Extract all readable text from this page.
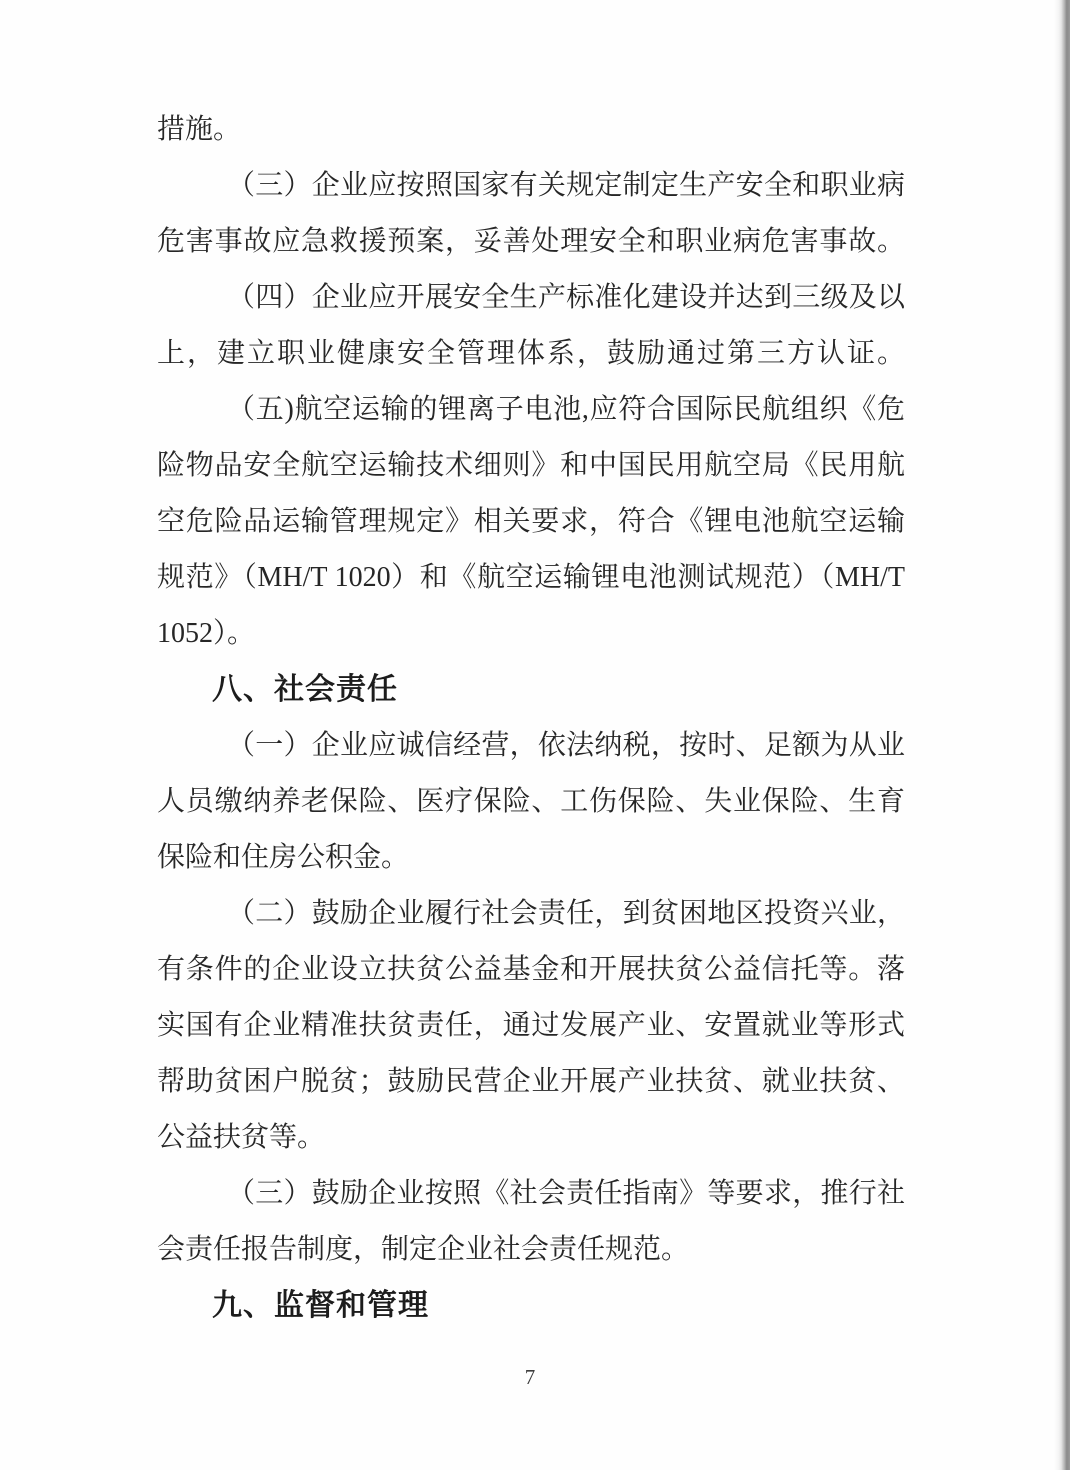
措施。
（三）企业应按照国家有关规定制定生产安全和职业病
危害事故应急救援预案，妥善处理安全和职业病危害事故。
（四）企业应开展安全生产标准化建设并达到三级及以
上，建立职业健康安全管理体系，鼓励通过第三方认证。
（五)航空运输的锂离子电池,应符合国际民航组织《危
险物品安全航空运输技术细则》和中国民用航空局《民用航
空危险品运输管理规定》相关要求，符合《锂电池航空运输
规范》（MH/T 1020）和《航空运输锂电池测试规范）（MH/T
1052）。
八、社会责任
（一）企业应诚信经营，依法纳税，按时、足额为从业
人员缴纳养老保险、医疗保险、工伤保险、失业保险、生育
保险和住房公积金。
（二）鼓励企业履行社会责任，到贫困地区投资兴业，
有条件的企业设立扶贫公益基金和开展扶贫公益信托等。落
实国有企业精准扶贫责任，通过发展产业、安置就业等形式
帮助贫困户脱贫；鼓励民营企业开展产业扶贫、就业扶贫、
公益扶贫等。
（三）鼓励企业按照《社会责任指南》等要求，推行社
会责任报告制度，制定企业社会责任规范。
九、监督和管理
7
